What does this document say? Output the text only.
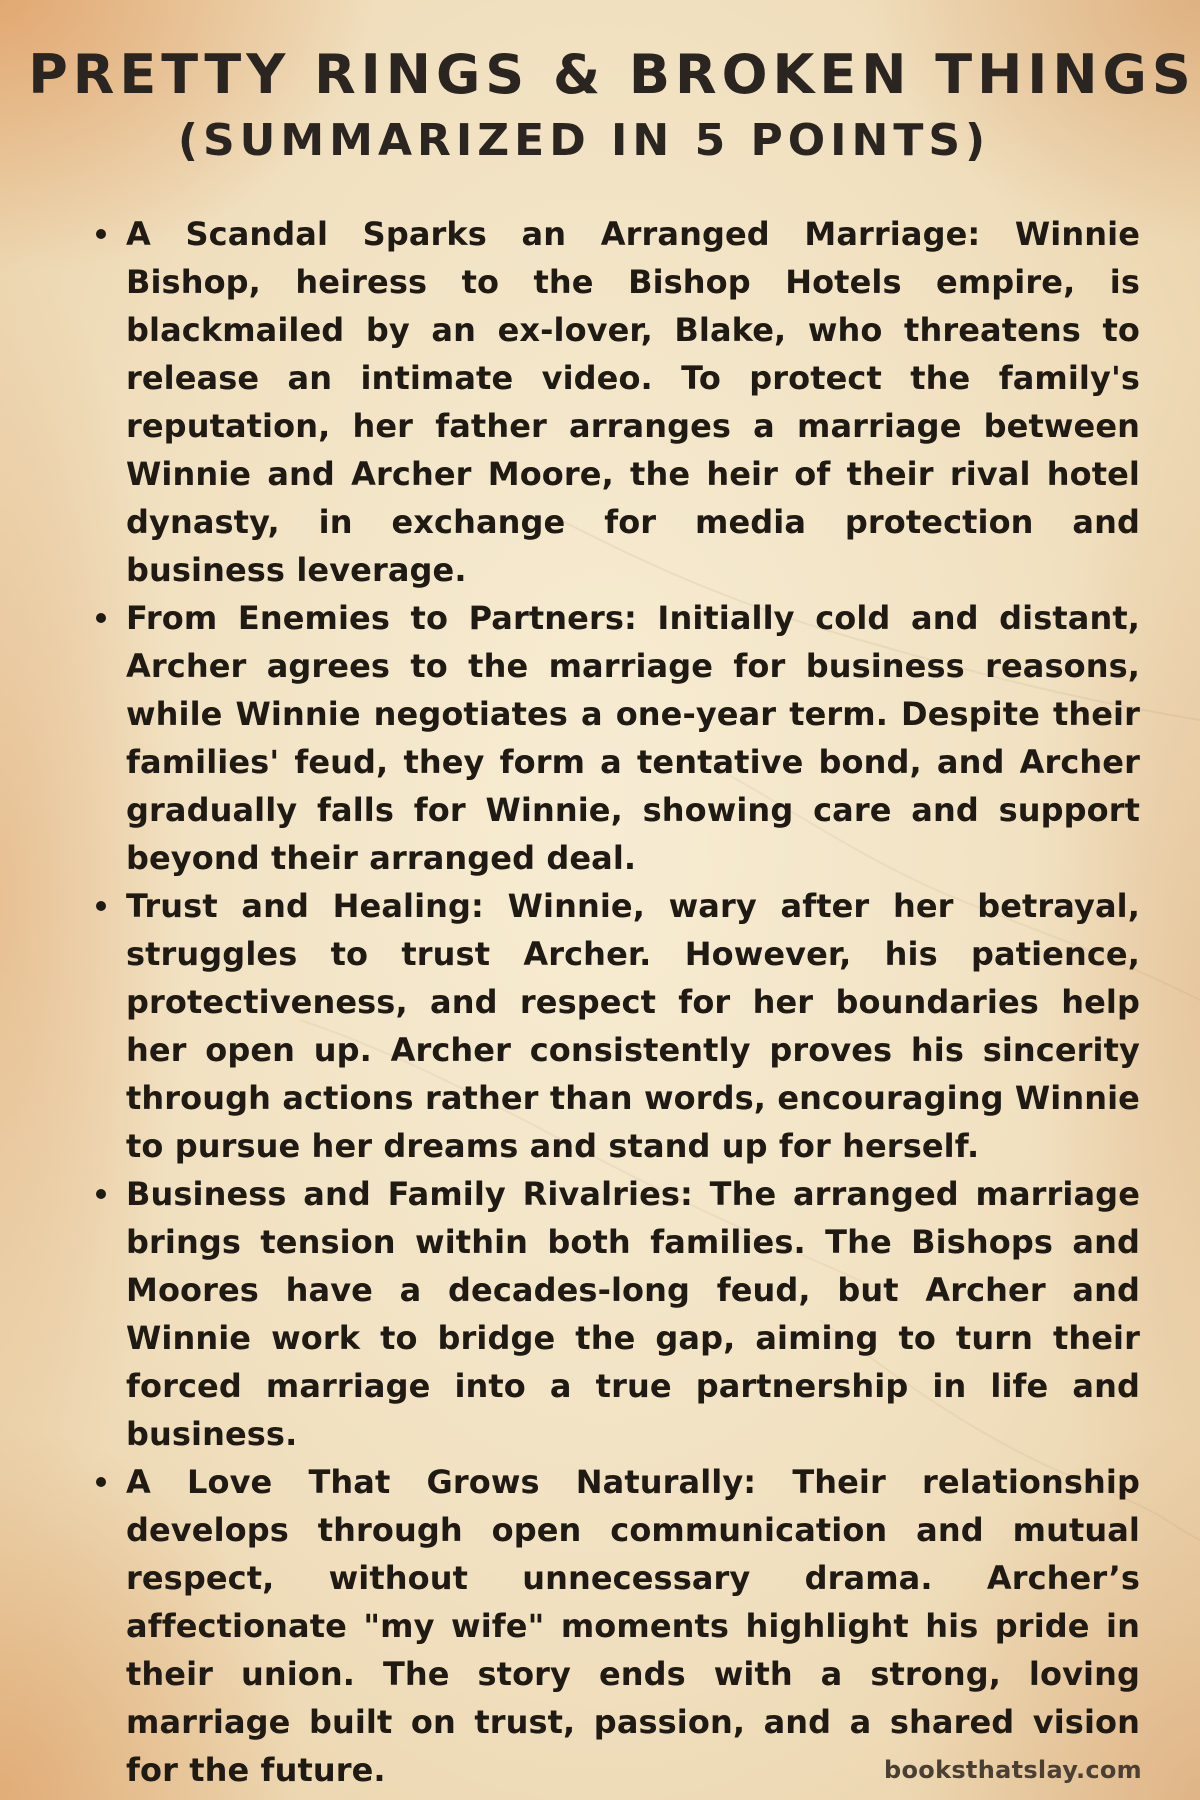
PRETTY RINGS & BROKEN THINGS
(SUMMARIZED IN 5 POINTS)
A Scandal Sparks an Arranged Marriage: Winnie Bishop, heiress to the Bishop Hotels empire, is blackmailed by an ex-lover, Blake, who threatens to release an intimate video. To protect the family's reputation, her father arranges a marriage between Winnie and Archer Moore, the heir of their rival hotel dynasty, in exchange for media protection and business leverage.
From Enemies to Partners: Initially cold and distant, Archer agrees to the marriage for business reasons, while Winnie negotiates a one-year term. Despite their families' feud, they form a tentative bond, and Archer gradually falls for Winnie, showing care and support beyond their arranged deal.
Trust and Healing: Winnie, wary after her betrayal, struggles to trust Archer. However, his patience, protectiveness, and respect for her boundaries help her open up. Archer consistently proves his sincerity through actions rather than words, encouraging Winnie to pursue her dreams and stand up for herself.
Business and Family Rivalries: The arranged marriage brings tension within both families. The Bishops and Moores have a decades-long feud, but Archer and Winnie work to bridge the gap, aiming to turn their forced marriage into a true partnership in life and business.
A Love That Grows Naturally: Their relationship develops through open communication and mutual respect, without unnecessary drama. Archer’s affectionate "my wife" moments highlight his pride in their union. The story ends with a strong, loving marriage built on trust, passion, and a shared vision for the future.	booksthatslay.com
